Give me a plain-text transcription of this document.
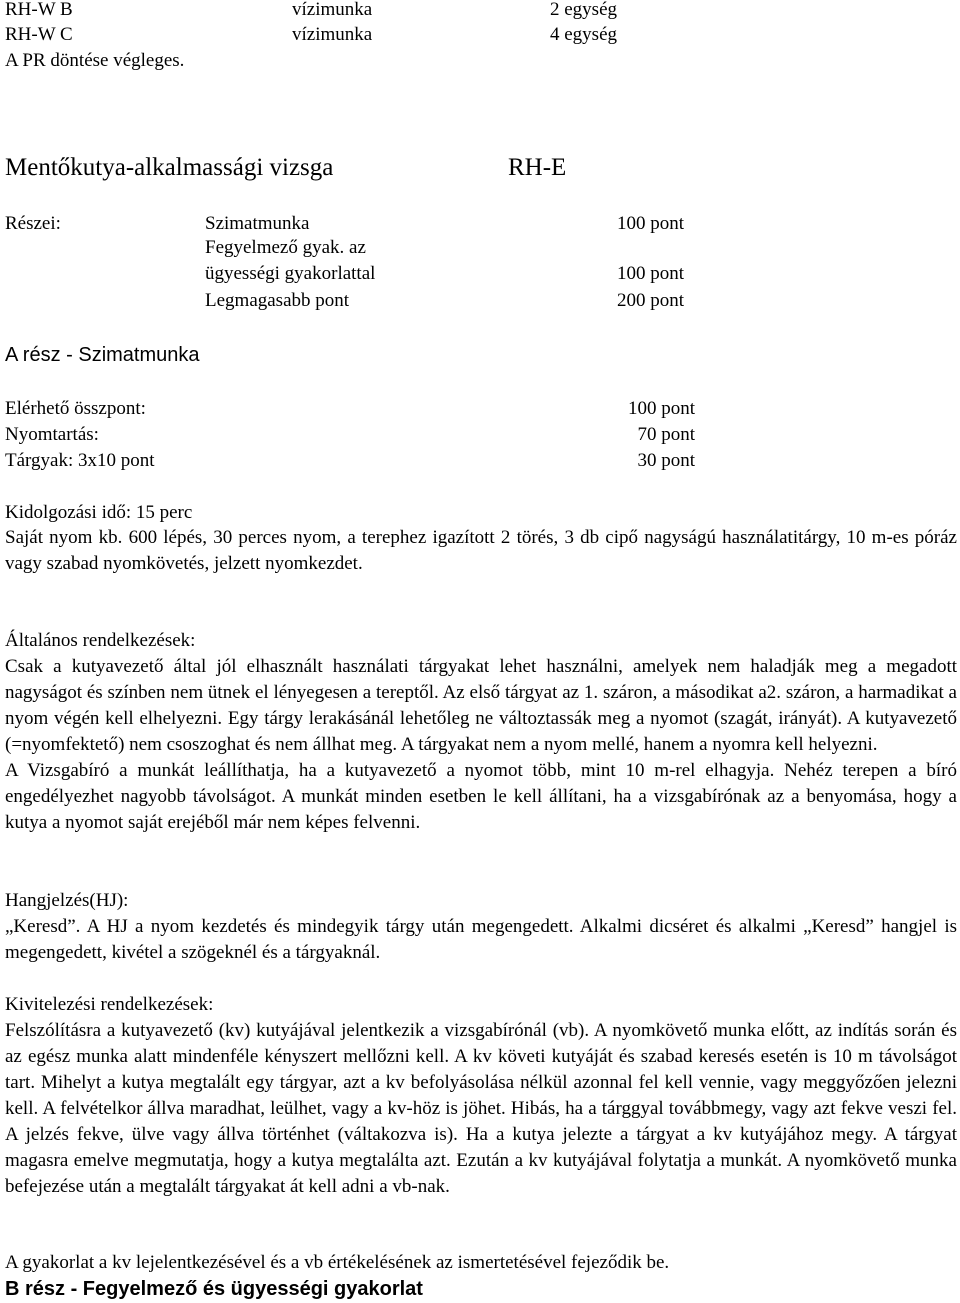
RH-W B	vízimunka	2 egység
RH-W C	vízimunka	4 egység
A PR döntése végleges.
Mentőkutya-alkalmassági vizsga	RH-E
Részei:	Szimatmunka	100 pont
Fegyelmező gyak. az
ügyességi gyakorlattal	100 pont
Legmagasabb pont	200 pont
A rész - Szimatmunka
Elérhető összpont:	100 pont
Nyomtartás:	70 pont
Tárgyak: 3x10 pont	30 pont
Kidolgozási idő: 15 perc

Saját nyom kb. 600 lépés, 30 perces nyom, a terephez igazított 2 törés, 3 db cipő nagyságú használatitárgy, 10 m-es póráz vagy szabad nyomkövetés, jelzett nyomkezdet.

Általános rendelkezések:

Csak a kutyavezető által jól elhasznált használati tárgyakat lehet használni, amelyek nem haladják meg a megadott nagyságot és színben nem ütnek el lényegesen a tereptől. Az első tárgyat az 1. száron, a másodikat a2. száron, a harmadikat a nyom végén kell elhelyezni. Egy tárgy lerakásánál lehetőleg ne változtassák meg a nyomot (szagát, irányát). A kutyavezető (=nyomfektető) nem csoszoghat és nem állhat meg. A tárgyakat nem a nyom mellé, hanem a nyomra kell helyezni.

A Vizsgabíró a munkát leállíthatja, ha a kutyavezető a nyomot több, mint 10 m-rel elhagyja. Nehéz terepen a bíró engedélyezhet nagyobb távolságot. A munkát minden esetben le kell állítani, ha a vizsgabírónak az a benyomása, hogy a kutya a nyomot saját erejéből már nem képes felvenni.

Hangjelzés(HJ):

„Keresd”. A HJ a nyom kezdetés és mindegyik tárgy után megengedett. Alkalmi dicséret és alkalmi „Keresd” hangjel is megengedett, kivétel a szögeknél és a tárgyaknál.

Kivitelezési rendelkezések:

Felszólításra a kutyavezető (kv) kutyájával jelentkezik a vizsgabírónál (vb). A nyomkövető munka előtt, az indítás során és az egész munka alatt mindenféle kényszert mellőzni kell. A kv követi kutyáját és szabad keresés esetén is 10 m távolságot tart. Mihelyt a kutya megtalált egy tárgyar, azt a kv befolyásolása nélkül azonnal fel kell vennie, vagy meggyőzően jelezni kell. A felvételkor állva maradhat, leülhet, vagy a kv-höz is jöhet. Hibás, ha a tárggyal továbbmegy, vagy azt fekve veszi fel. A jelzés fekve, ülve vagy állva történhet (váltakozva is). Ha a kutya jelezte a tárgyat a kv kutyájához megy. A tárgyat magasra emelve megmutatja, hogy a kutya megtalálta azt. Ezután a kv kutyájával folytatja a munkát. A nyomkövető munka befejezése után a megtalált tárgyakat át kell adni a vb-nak.

A gyakorlat a kv lejelentkezésével és a vb értékelésének az ismertetésével fejeződik be.
B rész - Fegyelmező és ügyességi gyakorlat
